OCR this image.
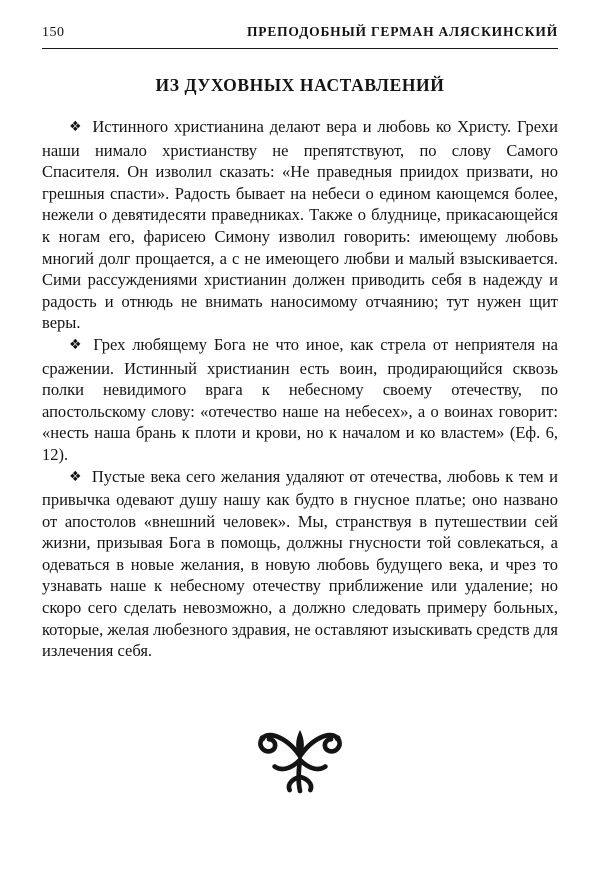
150	ПРЕПОДОБНЫЙ ГЕРМАН АЛЯСКИНСКИЙ
ИЗ ДУХОВНЫХ НАСТАВЛЕНИЙ

❖ Истинного христианина делают вера и любовь ко Христу. Грехи наши нимало христианству не препятствуют, по слову Самого Спасителя. Он изволил сказать: «Не праведныя приидох призвати, но грешныя спасти». Радость бывает на небеси о едином кающемся более, нежели о девятидесяти праведниках. Также о блуднице, прикасающейся к ногам его, фарисею Симону изволил говорить: имеющему любовь многий долг прощается, а с не имеющего любви и малый взыскивается. Сими рассуждениями христианин должен приводить себя в надежду и радость и отнюдь не внимать наносимому отчаянию; тут нужен щит веры.

❖ Грех любящему Бога не что иное, как стрела от неприятеля на сражении. Истинный христианин есть воин, продирающийся сквозь полки невидимого врага к небесному своему отечеству, по апостольскому слову: «отечество наше на небесех», а о воинах говорит: «несть наша брань к плоти и крови, но к началом и ко властем» (Еф. 6, 12).

❖ Пустые века сего желания удаляют от отечества, любовь к тем и привычка одевают душу нашу как будто в гнусное платье; оно названо от апостолов «внешний человек». Мы, странствуя в путешествии сей жизни, призывая Бога в помощь, должны гнусности той совлекаться, а одеваться в новые желания, в новую любовь будущего века, и чрез то узнавать наше к небесному отечеству приближение или удаление; но скоро сего сделать невозможно, а должно следовать примеру больных, которые, желая любезного здравия, не оставляют изыскивать средств для излечения себя.
